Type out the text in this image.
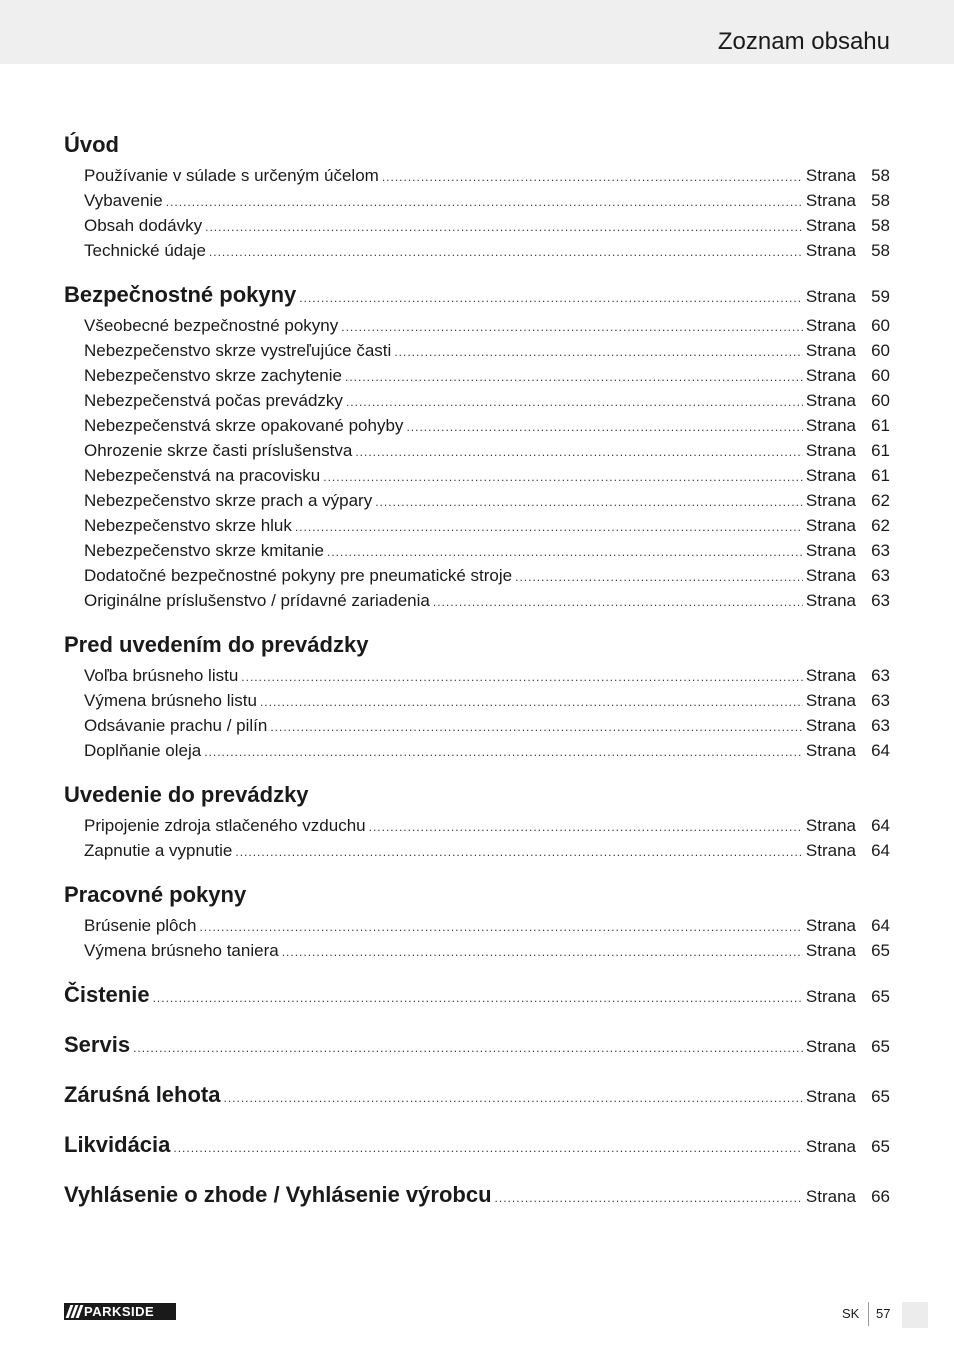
Zoznam obsahu
Úvod
Používanie v súlade s určeným účelom .....	Strana 58
Vybavenie .....	Strana 58
Obsah dodávky .....	Strana 58
Technické údaje .....	Strana 58
Bezpečnostné pokyny .....	Strana 59
Všeobecné bezpečnostné pokyny .....	Strana 60
Nebezpečenstvo skrze vystreľujúce časti .....	Strana 60
Nebezpečenstvo skrze zachytenie .....	Strana 60
Nebezpečenstvá počas prevádzky .....	Strana 60
Nebezpečenstvá skrze opakované pohyby .....	Strana 61
Ohrozenie skrze časti príslušenstva .....	Strana 61
Nebezpečenstvá na pracovisku .....	Strana 61
Nebezpečenstvo skrze prach a výpary .....	Strana 62
Nebezpečenstvo skrze hluk .....	Strana 62
Nebezpečenstvo skrze kmitanie .....	Strana 63
Dodatočné bezpečnostné pokyny pre pneumatické stroje .....	Strana 63
Originálne príslušenstvo / prídavné zariadenia .....	Strana 63
Pred uvedením do prevádzky
Voľba brúsneho listu .....	Strana 63
Výmena brúsneho listu .....	Strana 63
Odsávanie prachu / pilín .....	Strana 63
Doplňanie oleja .....	Strana 64
Uvedenie do prevádzky
Pripojenie zdroja stlačeného vzduchu .....	Strana 64
Zapnutie a vypnutie .....	Strana 64
Pracovné pokyny
Brúsenie plôch .....	Strana 64
Výmena brúsneho taniera .....	Strana 65
Čistenie .....	Strana 65
Servis .....	Strana 65
Záruśná lehota .....	Strana 65
Likvidácia .....	Strana 65
Vyhlásenie o zhode / Vyhlásenie výrobcu .....	Strana 66
PARKSIDE	SK 57
